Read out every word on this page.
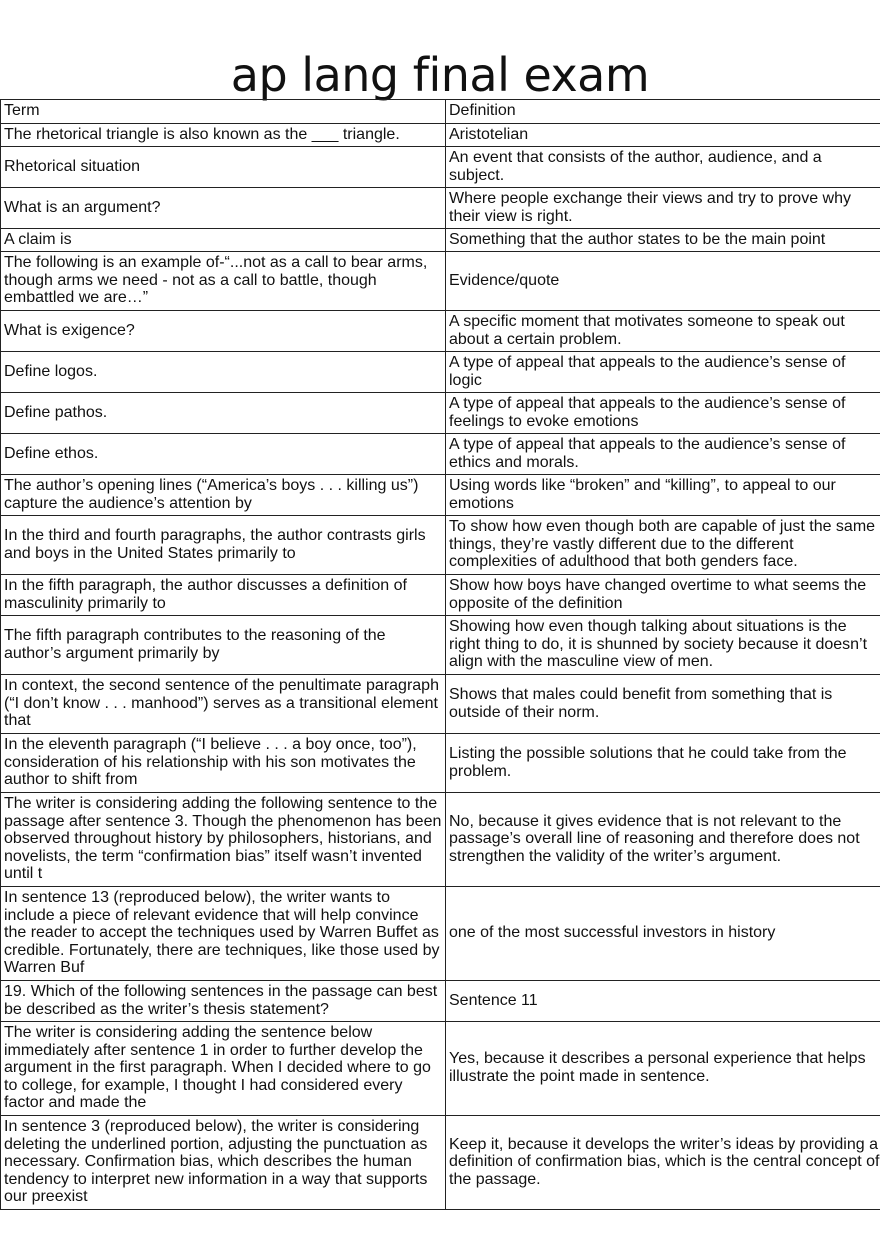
ap lang final exam
Term	Definition
The rhetorical triangle is also known as the ___ triangle.	Aristotelian
Rhetorical situation	An event that consists of the author, audience, and a subject.
What is an argument?	Where people exchange their views and try to prove why their view is right.
A claim is	Something that the author states to be the main point
The following is an example of-“...not as a call to bear arms, though arms we need - not as a call to battle, though embattled we are…”	Evidence/quote
What is exigence?	A specific moment that motivates someone to speak out about a certain problem.
Define logos.	A type of appeal that appeals to the audience’s sense of logic
Define pathos.	A type of appeal that appeals to the audience’s sense of feelings to evoke emotions
Define ethos.	A type of appeal that appeals to the audience’s sense of ethics and morals.
The author’s opening lines (“America’s boys . . . killing us”) capture the audience’s attention by	Using words like “broken” and “killing”, to appeal to our emotions
In the third and fourth paragraphs, the author contrasts girls and boys in the United States primarily to	To show how even though both are capable of just the same things, they’re vastly different due to the different complexities of adulthood that both genders face.
In the fifth paragraph, the author discusses a definition of masculinity primarily to	Show how boys have changed overtime to what seems the opposite of the definition
The fifth paragraph contributes to the reasoning of the author’s argument primarily by	Showing how even though talking about situations is the right thing to do, it is shunned by society because it doesn’t align with the masculine view of men.
In context, the second sentence of the penultimate paragraph (“I don’t know . . . manhood”) serves as a transitional element that	Shows that males could benefit from something that is outside of their norm.
In the eleventh paragraph (“I believe . . . a boy once, too”), consideration of his relationship with his son motivates the author to shift from	Listing the possible solutions that he could take from the problem.
The writer is considering adding the following sentence to the passage after sentence 3. Though the phenomenon has been observed throughout history by philosophers, historians, and novelists, the term “confirmation bias” itself wasn’t invented until t	No, because it gives evidence that is not relevant to the passage’s overall line of reasoning and therefore does not strengthen the validity of the writer’s argument.
In sentence 13 (reproduced below), the writer wants to include a piece of relevant evidence that will help convince the reader to accept the techniques used by Warren Buffet as credible. Fortunately, there are techniques, like those used by Warren Buf	one of the most successful investors in history
19. Which of the following sentences in the passage can best be described as the writer’s thesis statement?	Sentence 11
The writer is considering adding the sentence below immediately after sentence 1 in order to further develop the argument in the first paragraph. When I decided where to go to college, for example, I thought I had considered every factor and made the	Yes, because it describes a personal experience that helps illustrate the point made in sentence.
In sentence 3 (reproduced below), the writer is considering deleting the underlined portion, adjusting the punctuation as necessary. Confirmation bias, which describes the human tendency to interpret new information in a way that supports our preexist	Keep it, because it develops the writer’s ideas by providing a definition of confirmation bias, which is the central concept of the passage.
